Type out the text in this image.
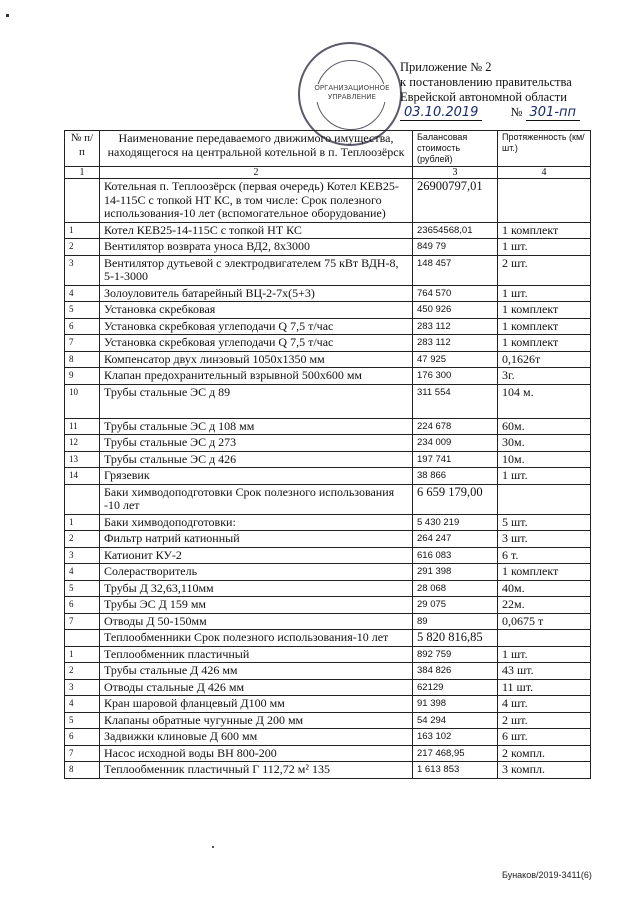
ОРГАНИЗАЦИОННОЕ УПРАВЛЕНИЕ
Приложение № 2
к постановлению правительства
Еврейской автономной области
03.10.2019	№ 301-пп
№ п/п	Наименование передаваемого движимого имущества, находящегося на центральной котельной в п. Теплоозёрск	Балансовая стоимость (рублей)	Протяженность (км/шт.)
1	2	3	4
	Котельная п. Теплоозёрск (первая очередь) Котел КЕВ25-14-115С с топкой НТ КС, в том числе: Срок полезного использования-10 лет (вспомогательное оборудование)	26900797,01	
1	Котел КЕВ25-14-115С с топкой НТ КС	23654568,01	1 комплект
2	Вентилятор возврата уноса ВД2, 8х3000	849 79	1 шт.
3	Вентилятор дутьевой с электродвигателем 75 кВт ВДН-8, 5-1-3000	148 457	2 шт.
4	Золоуловитель батарейный ВЦ-2-7х(5+3)	764 570	1 шт.
5	Установка скребковая	450 926	1 комплект
6	Установка скребковая углеподачи Q 7,5 т/час	283 112	1 комплект
7	Установка скребковая углеподачи Q 7,5 т/час	283 112	1 комплект
8	Компенсатор двух линзовый 1050х1350 мм	47 925	0,1626т
9	Клапан предохранительный взрывной 500х600 мм	176 300	3г.
10	Трубы стальные ЭС д 89	311 554	104 м.
11	Трубы стальные ЭС д 108 мм	224 678	60м.
12	Трубы стальные ЭС д 273	234 009	30м.
13	Трубы стальные ЭС д 426	197 741	10м.
14	Грязевик	38 866	1 шт.
	Баки химводоподготовки Срок полезного использования -10 лет	6 659 179,00	
1	Баки химводоподготовки:	5 430 219	5 шт.
2	Фильтр натрий катионный	264 247	3 шт.
3	Катионит КУ-2	616 083	6 т.
4	Солерастворитель	291 398	1 комплект
5	Трубы Д 32,63,110мм	28 068	40м.
6	Трубы ЭС Д 159 мм	29 075	22м.
7	Отводы Д 50-150мм	89	0,0675 т
	Теплообменники Срок полезного использования-10 лет	5 820 816,85	
1	Теплообменник пластичный	892 759	1 шт.
2	Трубы стальные Д 426 мм	384 826	43 шт.
3	Отводы стальные Д 426 мм	62129	11 шт.
4	Кран шаровой фланцевый Д100 мм	91 398	4 шт.
5	Клапаны обратные чугунные Д 200 мм	54 294	2 шт.
6	Задвижки клиновые Д 600 мм	163 102	6 шт.
7	Насос исходной воды ВН 800-200	217 468,95	2 компл.
8	Теплообменник пластичный Г 112,72 м² 135	1 613 853	3 компл.
Бунаков/2019-3411(6)
